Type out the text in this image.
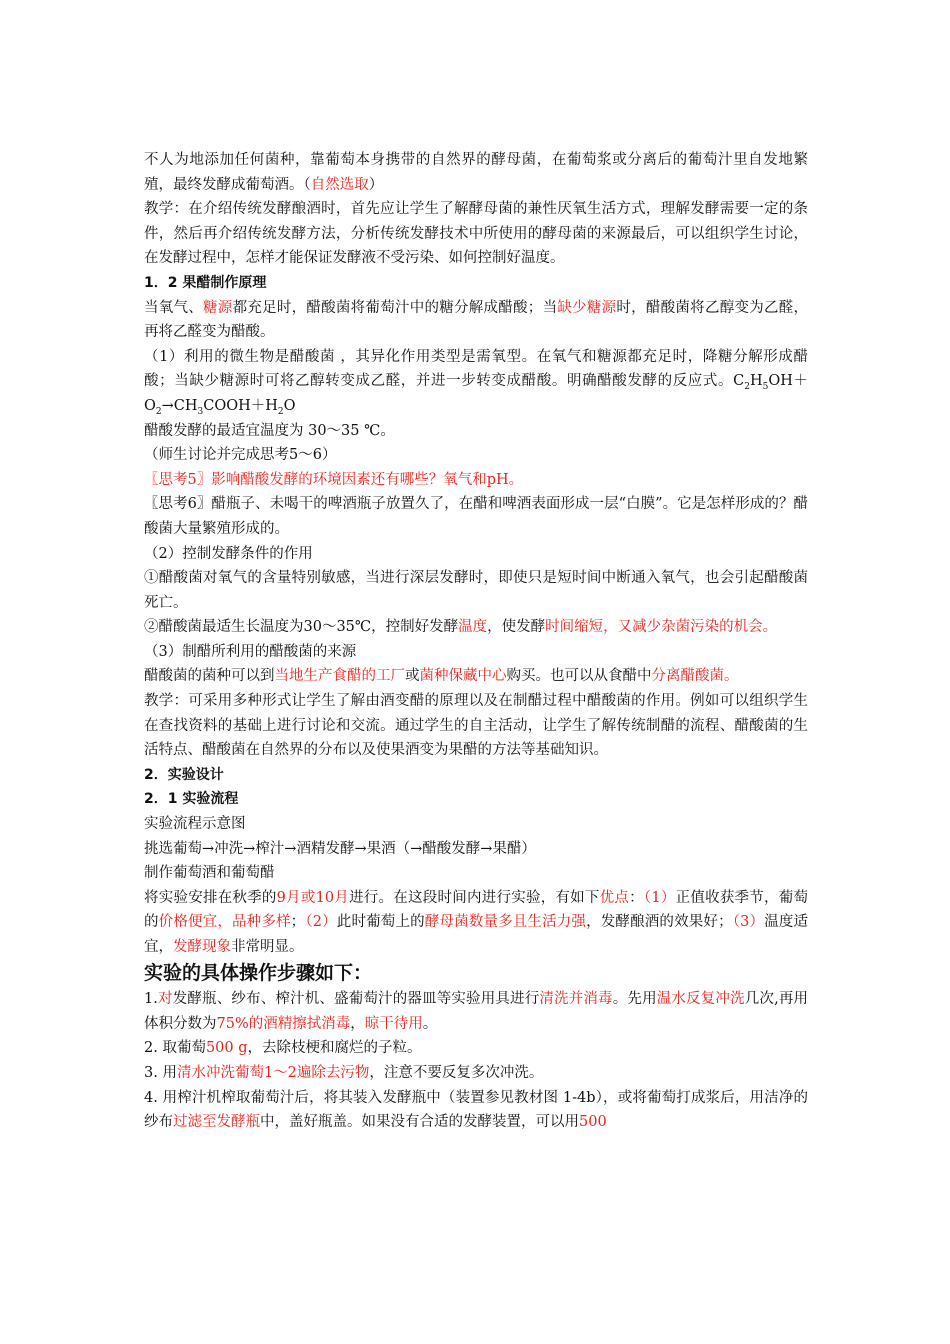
不人为地添加任何菌种，靠葡萄本身携带的自然界的酵母菌，在葡萄浆或分离后的葡萄汁里自发地繁殖，最终发酵成葡萄酒。（自然选取）

教学：在介绍传统发酵酿酒时，首先应让学生了解酵母菌的兼性厌氧生活方式，理解发酵需要一定的条件，然后再介绍传统发酵方法，分析传统发酵技术中所使用的酵母菌的来源最后，可以组织学生讨论，在发酵过程中，怎样才能保证发酵液不受污染、如何控制好温度。

1．2 果醋制作原理

当氧气、糖源都充足时，醋酸菌将葡萄汁中的糖分解成醋酸；当缺少糖源时，醋酸菌将乙醇变为乙醛，再将乙醛变为醋酸。

（1）利用的微生物是醋酸菌 ，其异化作用类型是需氧型。在氧气和糖源都充足时，降糖分解形成醋酸；当缺少糖源时可将乙醇转变成乙醛，并进一步转变成醋酸。明确醋酸发酵的反应式。$C_2H_5OH+O_2\to CH_3COOH+H_2O$

醋酸发酵的最适宜温度为 30～35 ℃。

（师生讨论并完成思考5～6）

〖思考5〗影响醋酸发酵的环境因素还有哪些？氧气和pH。

〖思考6〗醋瓶子、未喝干的啤酒瓶子放置久了，在醋和啤酒表面形成一层“白膜”。它是怎样形成的？醋酸菌大量繁殖形成的。

（2）控制发酵条件的作用

①醋酸菌对氧气的含量特别敏感，当进行深层发酵时，即使只是短时间中断通入氧气，也会引起醋酸菌死亡。

②醋酸菌最适生长温度为30～35℃，控制好发酵温度，使发酵时间缩短，又减少杂菌污染的机会。

（3）制醋所利用的醋酸菌的来源

醋酸菌的菌种可以到当地生产食醋的工厂或菌种保藏中心购买。也可以从食醋中分离醋酸菌。

教学：可采用多种形式让学生了解由酒变醋的原理以及在制醋过程中醋酸菌的作用。例如可以组织学生在查找资料的基础上进行讨论和交流。通过学生的自主活动，让学生了解传统制醋的流程、醋酸菌的生活特点、醋酸菌在自然界的分布以及使果酒变为果醋的方法等基础知识。

2．实验设计

2．1 实验流程

实验流程示意图

挑选葡萄→冲洗→榨汁→酒精发酵→果酒（→醋酸发酵→果醋）

制作葡萄酒和葡萄醋

将实验安排在秋季的9月或10月进行。在这段时间内进行实验，有如下优点：（1）正值收获季节，葡萄的价格便宜，品种多样；（2）此时葡萄上的酵母菌数量多且生活力强，发酵酿酒的效果好；（3）温度适宜，发酵现象非常明显。

实验的具体操作步骤如下：

1.对发酵瓶、纱布、榨汁机、盛葡萄汁的器皿等实验用具进行清洗并消毒。先用温水反复冲洗几次,再用体积分数为75%的酒精擦拭消毒，晾干待用。

2. 取葡萄500 g，去除枝梗和腐烂的子粒。

3. 用清水冲洗葡萄1～2遍除去污物，注意不要反复多次冲洗。

4. 用榨汁机榨取葡萄汁后，将其装入发酵瓶中（装置参见教材图 1-4b），或将葡萄打成浆后，用洁净的纱布过滤至发酵瓶中，盖好瓶盖。如果没有合适的发酵装置，可以用500
